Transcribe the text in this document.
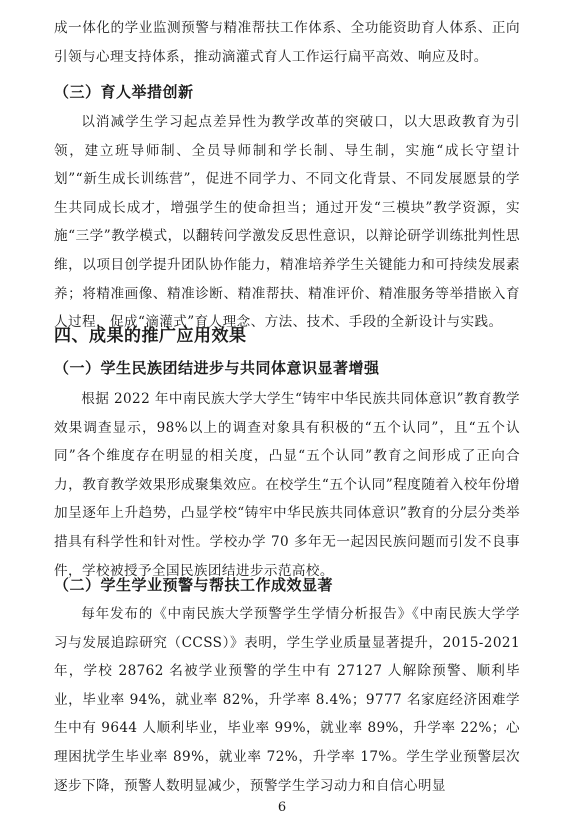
成一体化的学业监测预警与精准帮扶工作体系、全功能资助育人体系、正向引领与心理支持体系，推动滴灌式育人工作运行扁平高效、响应及时。

（三）育人举措创新

以消减学生学习起点差异性为教学改革的突破口，以大思政教育为引领，建立班导师制、全员导师制和学长制、导生制，实施“成长守望计划”“新生成长训练营”，促进不同学力、不同文化背景、不同发展愿景的学生共同成长成才，增强学生的使命担当；通过开发“三模块”教学资源，实施“三学”教学模式，以翻转问学激发反思性意识，以辩论研学训练批判性思维，以项目创学提升团队协作能力，精准培养学生关键能力和可持续发展素养；将精准画像、精准诊断、精准帮扶、精准评价、精准服务等举措嵌入育人过程，促成“滴灌式”育人理念、方法、技术、手段的全新设计与实践。

四、成果的推广应用效果
（一）学生民族团结进步与共同体意识显著增强

根据 2022 年中南民族大学大学生“铸牢中华民族共同体意识”教育教学效果调查显示，98%以上的调查对象具有积极的“五个认同”，且“五个认同”各个维度存在明显的相关度，凸显“五个认同”教育之间形成了正向合力，教育教学效果形成聚集效应。在校学生“五个认同”程度随着入校年份增加呈逐年上升趋势，凸显学校“铸牢中华民族共同体意识”教育的分层分类举措具有科学性和针对性。学校办学 70 多年无一起因民族问题而引发不良事件，学校被授予全国民族团结进步示范高校。

（二）学生学业预警与帮扶工作成效显著

每年发布的《中南民族大学预警学生学情分析报告》《中南民族大学学习与发展追踪研究（CCSS）》表明，学生学业质量显著提升，2015-2021 年，学校 28762 名被学业预警的学生中有 27127 人解除预警、顺利毕业，毕业率 94%，就业率 82%，升学率 8.4%；9777 名家庭经济困难学生中有 9644 人顺利毕业，毕业率 99%，就业率 89%，升学率 22%；心理困扰学生毕业率 89%，就业率 72%，升学率 17%。学生学业预警层次逐步下降，预警人数明显减少，预警学生学习动力和自信心明显

6
